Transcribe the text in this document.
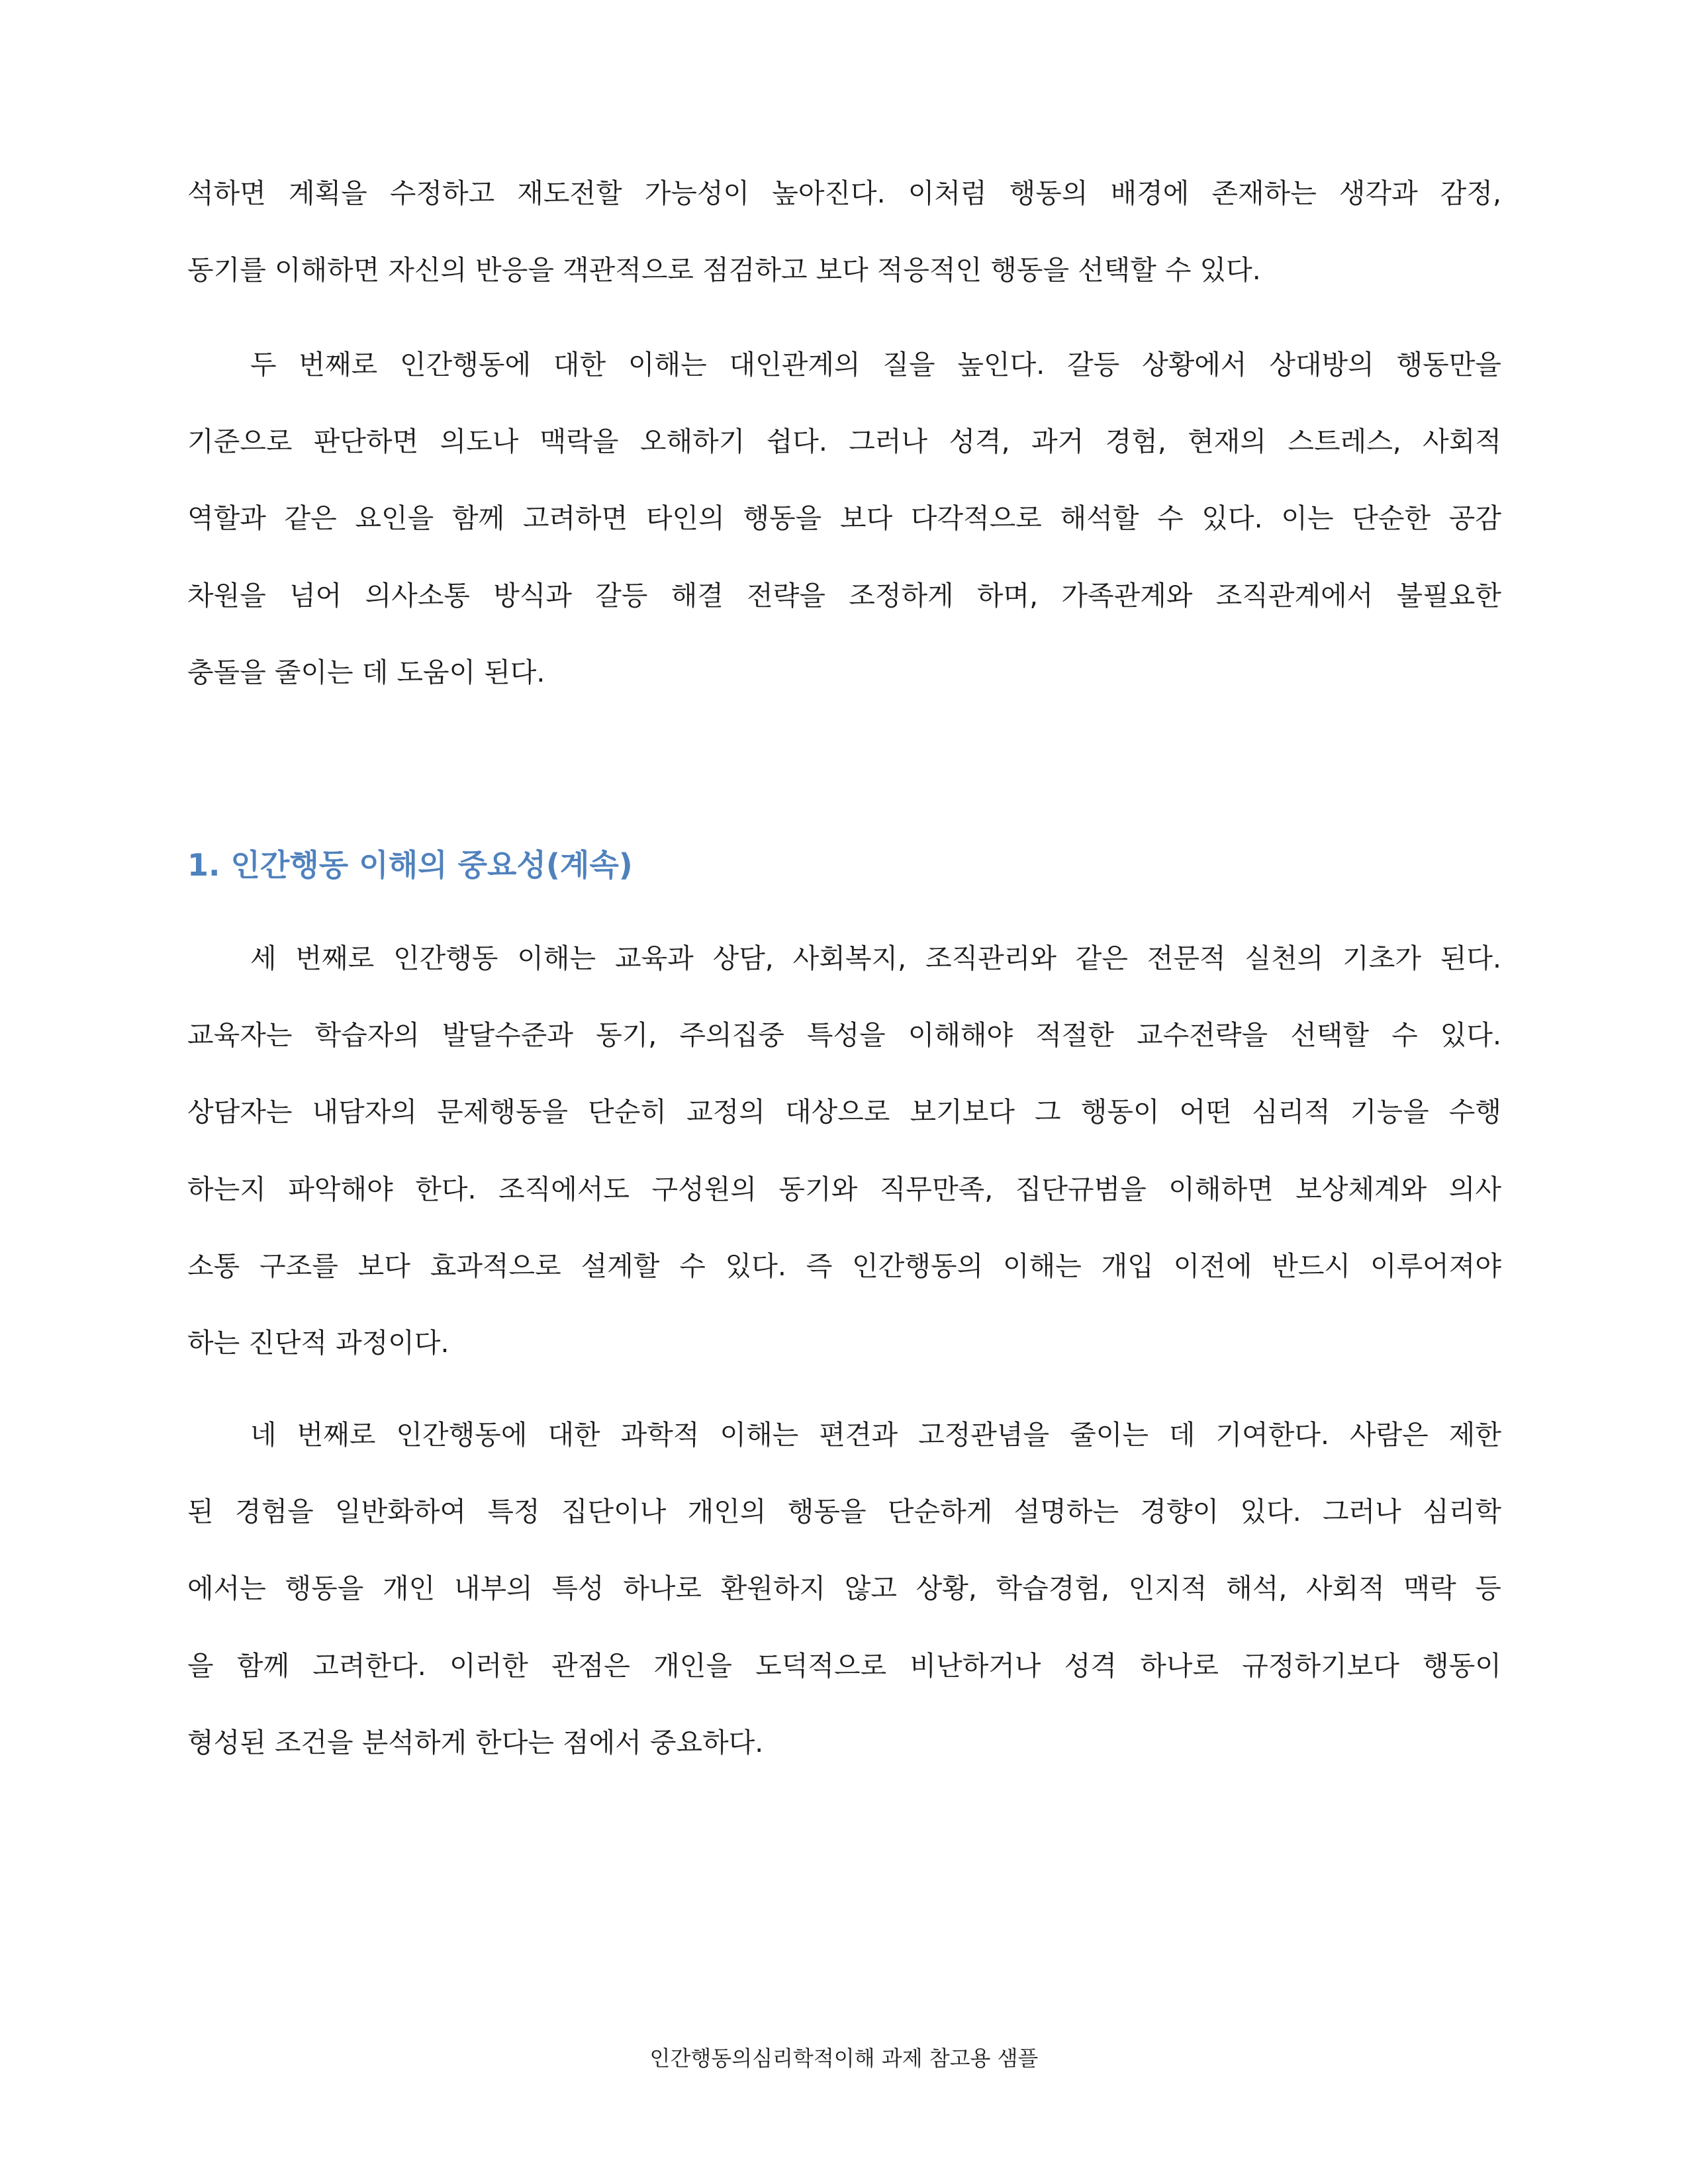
석하면 계획을 수정하고 재도전할 가능성이 높아진다. 이처럼 행동의 배경에 존재하는 생각과 감정,
동기를 이해하면 자신의 반응을 객관적으로 점검하고 보다 적응적인 행동을 선택할 수 있다.
두 번째로 인간행동에 대한 이해는 대인관계의 질을 높인다. 갈등 상황에서 상대방의 행동만을
기준으로 판단하면 의도나 맥락을 오해하기 쉽다. 그러나 성격, 과거 경험, 현재의 스트레스, 사회적
역할과 같은 요인을 함께 고려하면 타인의 행동을 보다 다각적으로 해석할 수 있다. 이는 단순한 공감
차원을 넘어 의사소통 방식과 갈등 해결 전략을 조정하게 하며, 가족관계와 조직관계에서 불필요한
충돌을 줄이는 데 도움이 된다.
1. 인간행동 이해의 중요성(계속)
세 번째로 인간행동 이해는 교육과 상담, 사회복지, 조직관리와 같은 전문적 실천의 기초가 된다.
교육자는 학습자의 발달수준과 동기, 주의집중 특성을 이해해야 적절한 교수전략을 선택할 수 있다.
상담자는 내담자의 문제행동을 단순히 교정의 대상으로 보기보다 그 행동이 어떤 심리적 기능을 수행
하는지 파악해야 한다. 조직에서도 구성원의 동기와 직무만족, 집단규범을 이해하면 보상체계와 의사
소통 구조를 보다 효과적으로 설계할 수 있다. 즉 인간행동의 이해는 개입 이전에 반드시 이루어져야
하는 진단적 과정이다.
네 번째로 인간행동에 대한 과학적 이해는 편견과 고정관념을 줄이는 데 기여한다. 사람은 제한
된 경험을 일반화하여 특정 집단이나 개인의 행동을 단순하게 설명하는 경향이 있다. 그러나 심리학
에서는 행동을 개인 내부의 특성 하나로 환원하지 않고 상황, 학습경험, 인지적 해석, 사회적 맥락 등
을 함께 고려한다. 이러한 관점은 개인을 도덕적으로 비난하거나 성격 하나로 규정하기보다 행동이
형성된 조건을 분석하게 한다는 점에서 중요하다.
인간행동의심리학적이해 과제 참고용 샘플
